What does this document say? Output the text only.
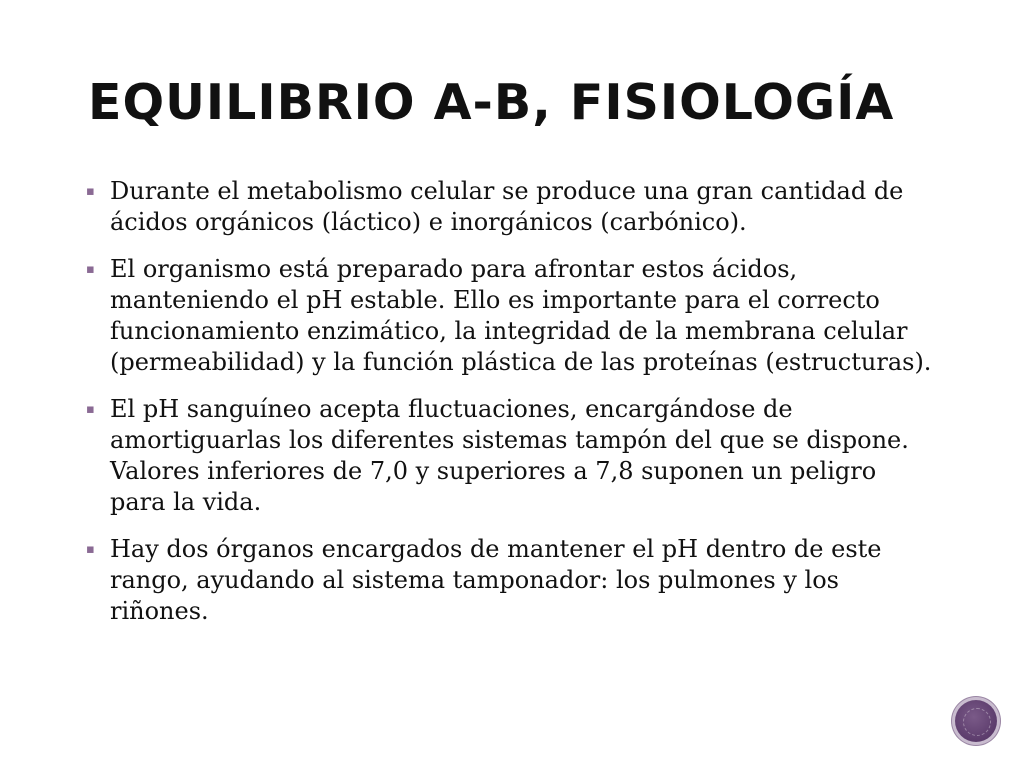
EQUILIBRIO A-B, FISIOLOGÍA
▪ Durante el metabolismo celular se produce una gran cantidad de ácidos orgánicos (láctico) e inorgánicos (carbónico).
▪ El organismo está preparado para afrontar estos ácidos, manteniendo el pH estable. Ello es importante para el correcto funcionamiento enzimático, la integridad de la membrana celular (permeabilidad) y la función plástica de las proteínas (estructuras).
▪ El pH sanguíneo acepta fluctuaciones, encargándose de amortiguarlas los diferentes sistemas tampón del que se dispone. Valores inferiores de 7,0 y superiores a 7,8 suponen un peligro para la vida.
▪ Hay dos órganos encargados de mantener el pH dentro de este rango, ayudando al sistema tamponador: los pulmones y los riñones.
